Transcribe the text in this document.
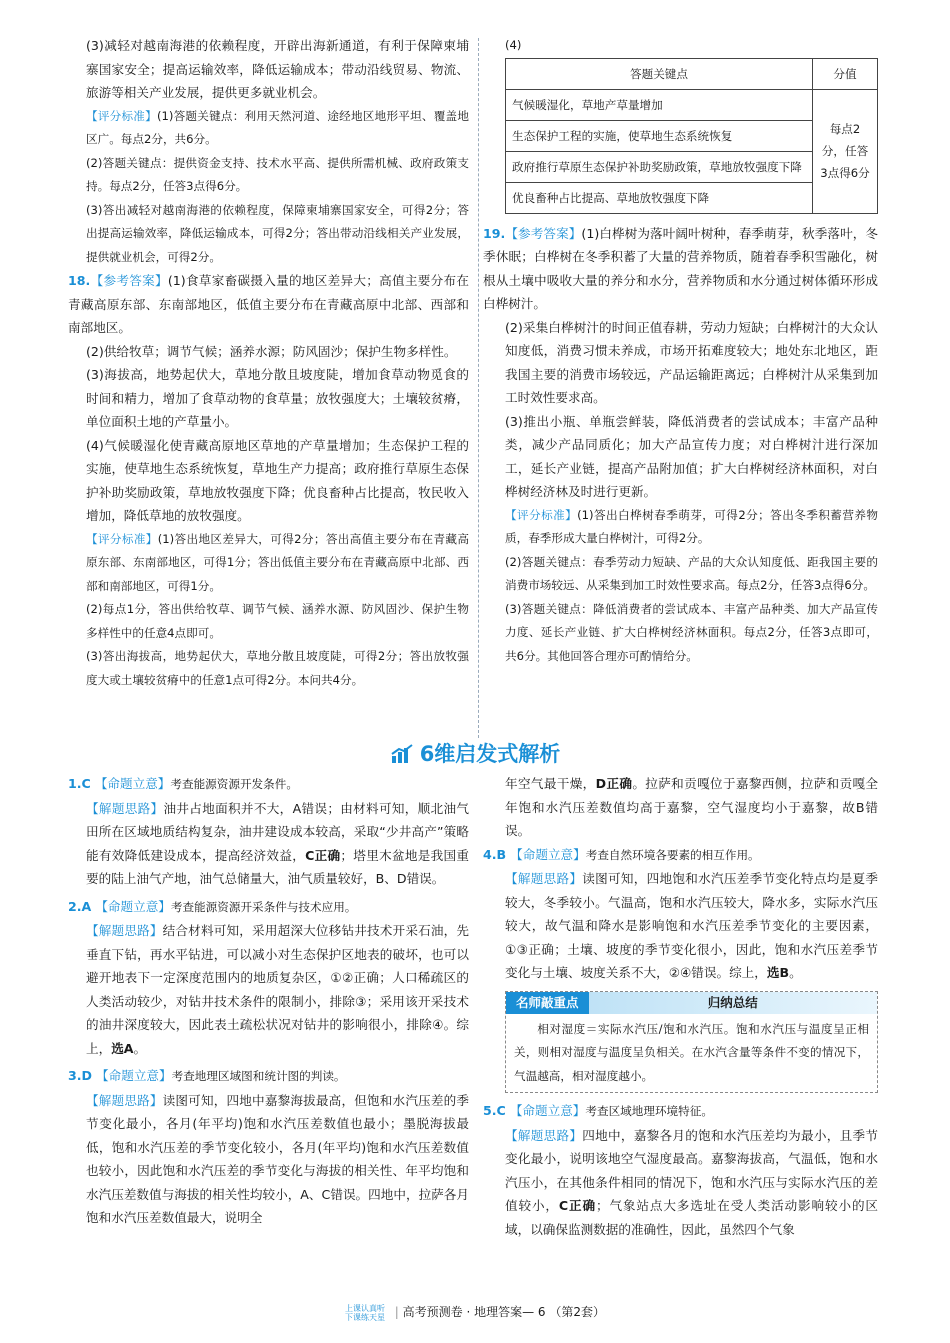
(3)减轻对越南海港的依赖程度，开辟出海新通道，有利于保障柬埔寨国家安全；提高运输效率，降低运输成本；带动沿线贸易、物流、旅游等相关产业发展，提供更多就业机会。

【评分标准】(1)答题关键点：利用天然河道、途经地区地形平坦、覆盖地区广。每点2分，共6分。

(2)答题关键点：提供资金支持、技术水平高、提供所需机械、政府政策支持。每点2分，任答3点得6分。

(3)答出减轻对越南海港的依赖程度，保障柬埔寨国家安全，可得2分；答出提高运输效率，降低运输成本，可得2分；答出带动沿线相关产业发展，提供就业机会，可得2分。

18.【参考答案】(1)食草家畜碳摄入量的地区差异大；高值主要分布在青藏高原东部、东南部地区，低值主要分布在青藏高原中北部、西部和南部地区。

(2)供给牧草；调节气候；涵养水源；防风固沙；保护生物多样性。

(3)海拔高，地势起伏大，草地分散且坡度陡，增加食草动物觅食的时间和精力，增加了食草动物的食草量；放牧强度大；土壤较贫瘠，单位面积土地的产草量小。

(4)气候暖湿化使青藏高原地区草地的产草量增加；生态保护工程的实施，使草地生态系统恢复，草地生产力提高；政府推行草原生态保护补助奖励政策，草地放牧强度下降；优良畜种占比提高，牧民收入增加，降低草地的放牧强度。

【评分标准】(1)答出地区差异大，可得2分；答出高值主要分布在青藏高原东部、东南部地区，可得1分；答出低值主要分布在青藏高原中北部、西部和南部地区，可得1分。

(2)每点1分，答出供给牧草、调节气候、涵养水源、防风固沙、保护生物多样性中的任意4点即可。

(3)答出海拔高，地势起伏大，草地分散且坡度陡，可得2分；答出放牧强度大或土壤较贫瘠中的任意1点可得2分。本问共4分。

(4)

答题关键点	分值
气候暖湿化，草地产草量增加	每点2分，任答3点得6分
生态保护工程的实施，使草地生态系统恢复	
政府推行草原生态保护补助奖励政策，草地放牧强度下降	
优良畜种占比提高、草地放牧强度下降	

19.【参考答案】(1)白桦树为落叶阔叶树种，春季萌芽，秋季落叶，冬季休眠；白桦树在冬季积蓄了大量的营养物质，随着春季积雪融化，树根从土壤中吸收大量的养分和水分，营养物质和水分通过树体循环形成白桦树汁。

(2)采集白桦树汁的时间正值春耕，劳动力短缺；白桦树汁的大众认知度低，消费习惯未养成，市场开拓难度较大；地处东北地区，距我国主要的消费市场较远，产品运输距离远；白桦树汁从采集到加工时效性要求高。

(3)推出小瓶、单瓶尝鲜装，降低消费者的尝试成本；丰富产品种类，减少产品同质化；加大产品宣传力度；对白桦树汁进行深加工，延长产业链，提高产品附加值；扩大白桦树经济林面积，对白桦树经济林及时进行更新。

【评分标准】(1)答出白桦树春季萌芽，可得2分；答出冬季积蓄营养物质，春季形成大量白桦树汁，可得2分。

(2)答题关键点：春季劳动力短缺、产品的大众认知度低、距我国主要的消费市场较远、从采集到加工时效性要求高。每点2分，任答3点得6分。

(3)答题关键点：降低消费者的尝试成本、丰富产品种类、加大产品宣传力度、延长产业链、扩大白桦树经济林面积。每点2分，任答3点即可，共6分。其他回答合理亦可酌情给分。

6维启发式解析

1.C 【命题立意】考查能源资源开发条件。

【解题思路】油井占地面积并不大，A错误；由材料可知，顺北油气田所在区域地质结构复杂，油井建设成本较高，采取“少井高产”策略能有效降低建设成本，提高经济效益，C正确；塔里木盆地是我国重要的陆上油气产地，油气总储量大，油气质量较好，B、D错误。

2.A 【命题立意】考查能源资源开采条件与技术应用。

【解题思路】结合材料可知，采用超深大位移钻井技术开采石油，先垂直下钻，再水平钻进，可以减小对生态保护区地表的破坏，也可以避开地表下一定深度范围内的地质复杂区，①②正确；人口稀疏区的人类活动较少，对钻井技术条件的限制小，排除③；采用该开采技术的油井深度较大，因此表土疏松状况对钻井的影响很小，排除④。综上，选A。

3.D 【命题立意】考查地理区域图和统计图的判读。

【解题思路】读图可知，四地中嘉黎海拔最高，但饱和水汽压差的季节变化最小，各月(年平均)饱和水汽压差数值也最小；墨脱海拔最低，饱和水汽压差的季节变化较小，各月(年平均)饱和水汽压差数值也较小，因此饱和水汽压差的季节变化与海拔的相关性、年平均饱和水汽压差数值与海拔的相关性均较小，A、C错误。四地中，拉萨各月饱和水汽压差数值最大，说明全

年空气最干燥，D正确。拉萨和贡嘎位于嘉黎西侧，拉萨和贡嘎全年饱和水汽压差数值均高于嘉黎，空气湿度均小于嘉黎，故B错误。

4.B 【命题立意】考查自然环境各要素的相互作用。

【解题思路】读图可知，四地饱和水汽压差季节变化特点均是夏季较大，冬季较小。气温高，饱和水汽压较大，降水多，实际水汽压较大，故气温和降水是影响饱和水汽压差季节变化的主要因素，①③正确；土壤、坡度的季节变化很小，因此，饱和水汽压差季节变化与土壤、坡度关系不大，②④错误。综上，选B。

名师敲重点	归纳总结

相对湿度＝实际水汽压/饱和水汽压。饱和水汽压与温度呈正相关，则相对湿度与温度呈负相关。在水汽含量等条件不变的情况下，气温越高，相对湿度越小。

5.C 【命题立意】考查区域地理环境特征。

【解题思路】四地中，嘉黎各月的饱和水汽压差均为最小，且季节变化最小，说明该地空气湿度最高。嘉黎海拔高，气温低，饱和水汽压小，在其他条件相同的情况下，饱和水汽压与实际水汽压的差值较小，C正确；气象站点大多选址在受人类活动影响较小的区域，以确保监测数据的准确性，因此，虽然四个气象

上课认真听
下课练天星 | 高考预测卷 · 地理答案— 6 （第2套）
